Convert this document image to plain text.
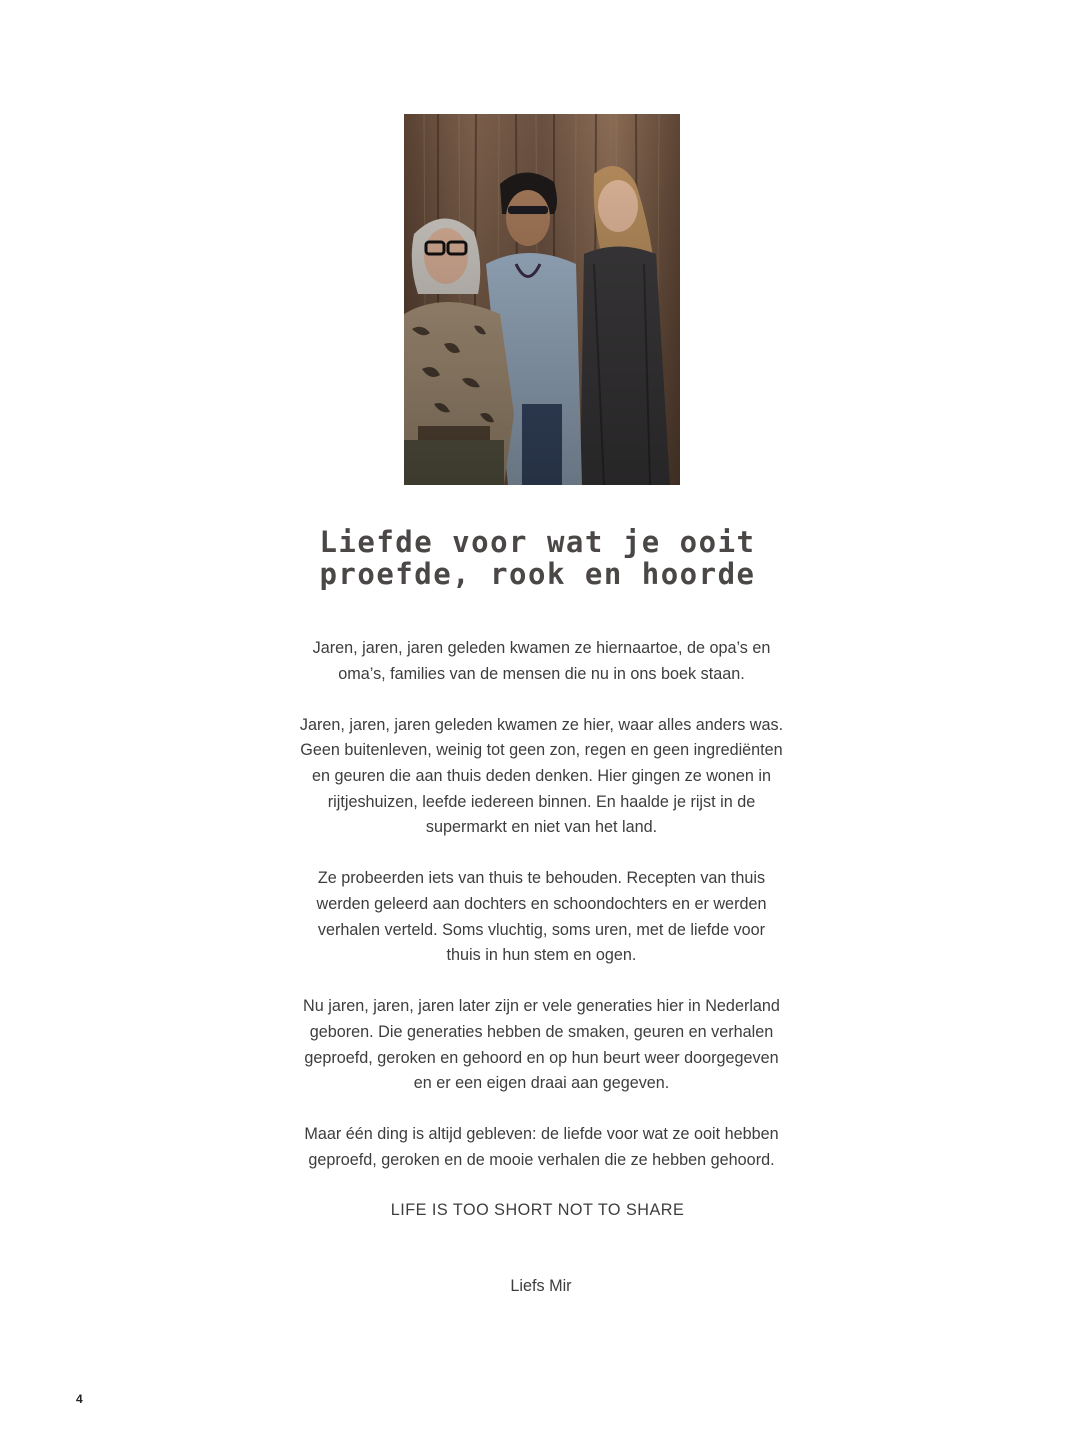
Liefde voor wat je ooit
proefde, rook en hoorde

Jaren, jaren, jaren geleden kwamen ze hiernaartoe, de opa’s en
oma’s, families van de mensen die nu in ons boek staan.

Jaren, jaren, jaren geleden kwamen ze hier, waar alles anders was.
Geen buitenleven, weinig tot geen zon, regen en geen ingrediënten
en geuren die aan thuis deden denken. Hier gingen ze wonen in
rijtjeshuizen, leefde iedereen binnen. En haalde je rijst in de
supermarkt en niet van het land.

Ze probeerden iets van thuis te behouden. Recepten van thuis
werden geleerd aan dochters en schoondochters en er werden
verhalen verteld. Soms vluchtig, soms uren, met de liefde voor
thuis in hun stem en ogen.

Nu jaren, jaren, jaren later zijn er vele generaties hier in Nederland
geboren. Die generaties hebben de smaken, geuren en verhalen
geproefd, geroken en gehoord en op hun beurt weer doorgegeven
en er een eigen draai aan gegeven.

Maar één ding is altijd gebleven: de liefde voor wat ze ooit hebben
geproefd, geroken en de mooie verhalen die ze hebben gehoord.

LIFE IS TOO SHORT NOT TO SHARE
Liefs Mir
4
